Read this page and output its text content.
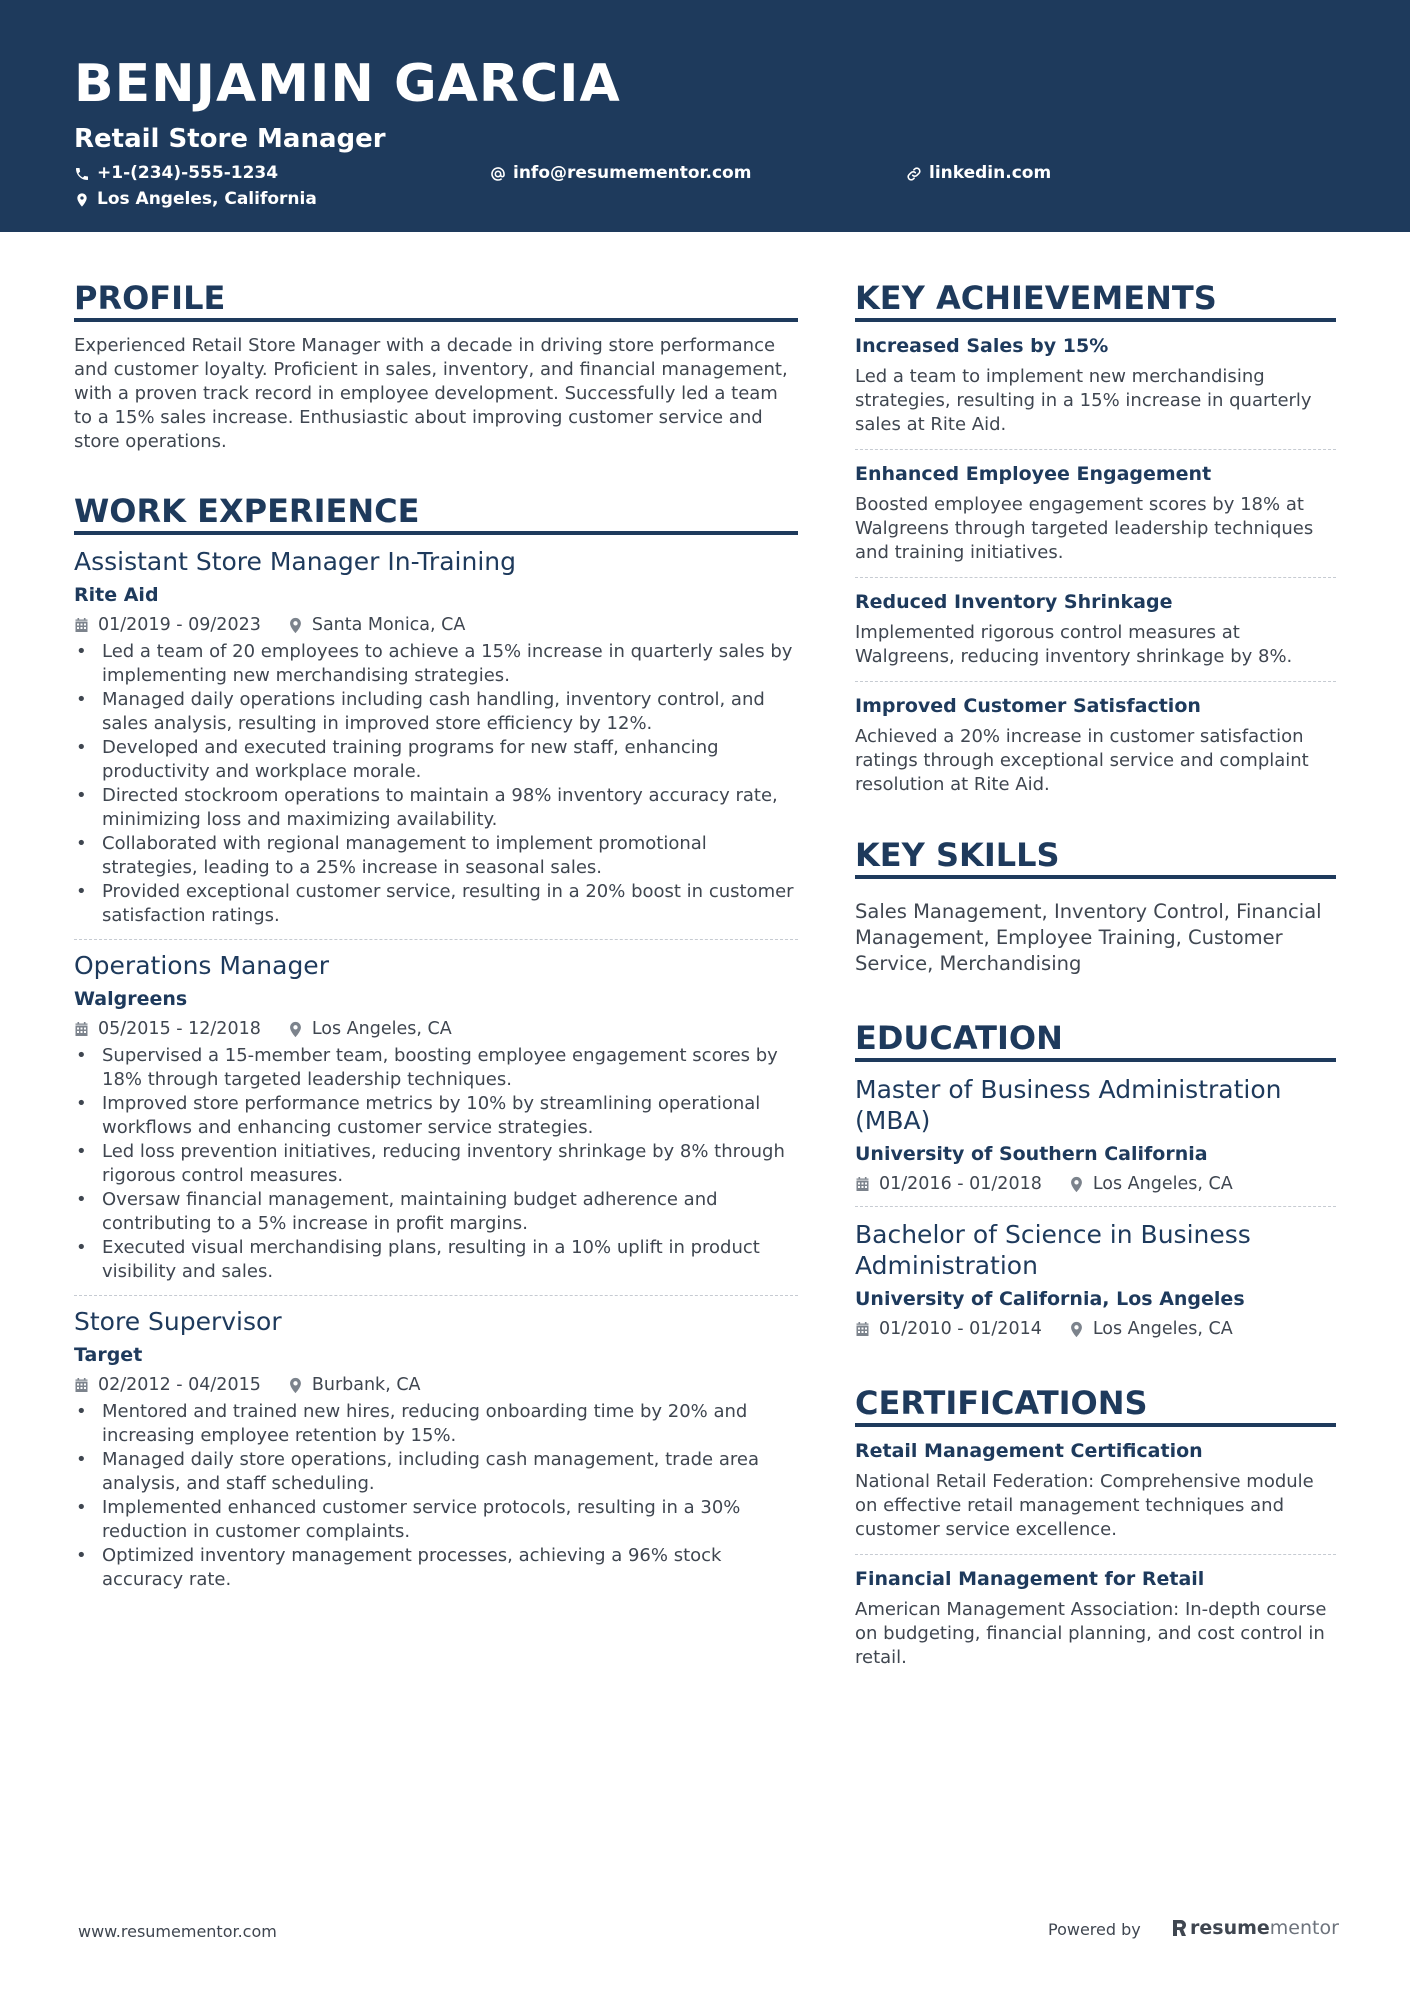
BENJAMIN GARCIA
Retail Store Manager
+1-(234)-555-1234	info@resumementor.com	linkedin.com
Los Angeles, California
PROFILE
Experienced Retail Store Manager with a decade in driving store performance and customer loyalty. Proficient in sales, inventory, and financial management, with a proven track record in employee development. Successfully led a team to a 15% sales increase. Enthusiastic about improving customer service and store operations.
WORK EXPERIENCE
Assistant Store Manager In-Training
Rite Aid
01/2019 - 09/2023	Santa Monica, CA
• Led a team of 20 employees to achieve a 15% increase in quarterly sales by implementing new merchandising strategies.
• Managed daily operations including cash handling, inventory control, and sales analysis, resulting in improved store efficiency by 12%.
• Developed and executed training programs for new staff, enhancing productivity and workplace morale.
• Directed stockroom operations to maintain a 98% inventory accuracy rate, minimizing loss and maximizing availability.
• Collaborated with regional management to implement promotional strategies, leading to a 25% increase in seasonal sales.
• Provided exceptional customer service, resulting in a 20% boost in customer satisfaction ratings.
Operations Manager
Walgreens
05/2015 - 12/2018	Los Angeles, CA
• Supervised a 15-member team, boosting employee engagement scores by 18% through targeted leadership techniques.
• Improved store performance metrics by 10% by streamlining operational workflows and enhancing customer service strategies.
• Led loss prevention initiatives, reducing inventory shrinkage by 8% through rigorous control measures.
• Oversaw financial management, maintaining budget adherence and contributing to a 5% increase in profit margins.
• Executed visual merchandising plans, resulting in a 10% uplift in product visibility and sales.
Store Supervisor
Target
02/2012 - 04/2015	Burbank, CA
• Mentored and trained new hires, reducing onboarding time by 20% and increasing employee retention by 15%.
• Managed daily store operations, including cash management, trade area analysis, and staff scheduling.
• Implemented enhanced customer service protocols, resulting in a 30% reduction in customer complaints.
• Optimized inventory management processes, achieving a 96% stock accuracy rate.
KEY ACHIEVEMENTS
Increased Sales by 15%
Led a team to implement new merchandising strategies, resulting in a 15% increase in quarterly sales at Rite Aid.
Enhanced Employee Engagement
Boosted employee engagement scores by 18% at Walgreens through targeted leadership techniques and training initiatives.
Reduced Inventory Shrinkage
Implemented rigorous control measures at Walgreens, reducing inventory shrinkage by 8%.
Improved Customer Satisfaction
Achieved a 20% increase in customer satisfaction ratings through exceptional service and complaint resolution at Rite Aid.
KEY SKILLS
Sales Management, Inventory Control, Financial Management, Employee Training, Customer Service, Merchandising
EDUCATION
Master of Business Administration (MBA)
University of Southern California
01/2016 - 01/2018	Los Angeles, CA
Bachelor of Science in Business Administration
University of California, Los Angeles
01/2010 - 01/2014	Los Angeles, CA
CERTIFICATIONS
Retail Management Certification
National Retail Federation: Comprehensive module on effective retail management techniques and customer service excellence.
Financial Management for Retail
American Management Association: In-depth course on budgeting, financial planning, and cost control in retail.
www.resumementor.com	Powered by	resume mentor
